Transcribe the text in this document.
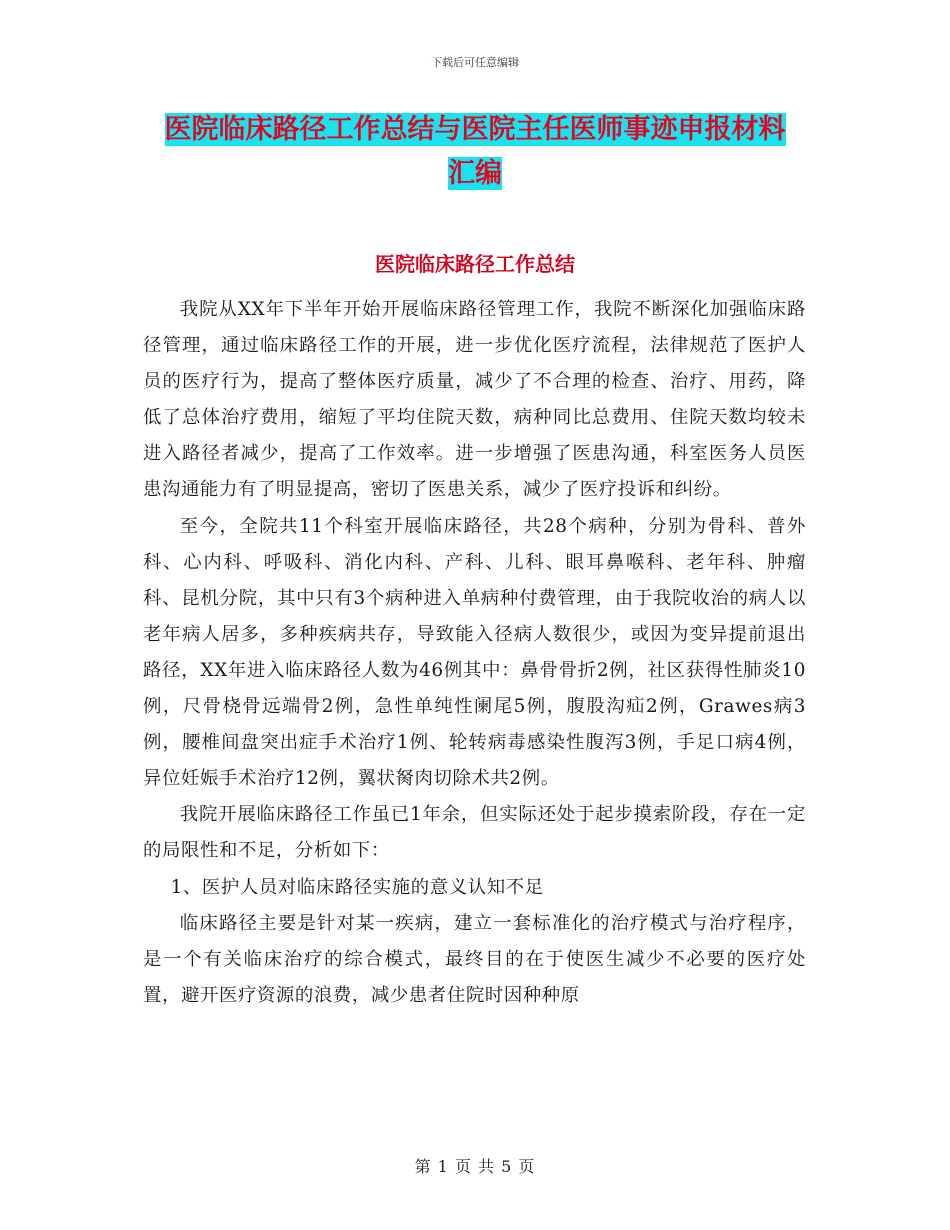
下载后可任意编辑
医院临床路径工作总结与医院主任医师事迹申报材料
汇编
医院临床路径工作总结

我院从XX年下半年开始开展临床路径管理工作，我院不断深化加强临床路径管理，通过临床路径工作的开展，进一步优化医疗流程，法律规范了医护人员的医疗行为，提高了整体医疗质量，减少了不合理的检查、治疗、用药，降低了总体治疗费用，缩短了平均住院天数，病种同比总费用、住院天数均较未进入路径者减少，提高了工作效率。进一步增强了医患沟通，科室医务人员医患沟通能力有了明显提高，密切了医患关系，减少了医疗投诉和纠纷。

至今，全院共11个科室开展临床路径，共28个病种，分别为骨科、普外科、心内科、呼吸科、消化内科、产科、儿科、眼耳鼻喉科、老年科、肿瘤科、昆机分院，其中只有3个病种进入单病种付费管理，由于我院收治的病人以老年病人居多，多种疾病共存，导致能入径病人数很少，或因为变异提前退出路径，XX年进入临床路径人数为46例其中：鼻骨骨折2例，社区获得性肺炎10例，尺骨桡骨远端骨2例，急性单纯性阑尾5例，腹股沟疝2例，Grawes病3例，腰椎间盘突出症手术治疗1例、轮转病毒感染性腹泻3例，手足口病4例，异位妊娠手术治疗12例，翼状胬肉切除术共2例。

我院开展临床路径工作虽已1年余，但实际还处于起步摸索阶段，存在一定的局限性和不足，分析如下：

1、医护人员对临床路径实施的意义认知不足

临床路径主要是针对某一疾病，建立一套标准化的治疗模式与治疗程序，是一个有关临床治疗的综合模式，最终目的在于使医生减少不必要的医疗处置，避开医疗资源的浪费，减少患者住院时因种种原

第 1 页 共 5 页
